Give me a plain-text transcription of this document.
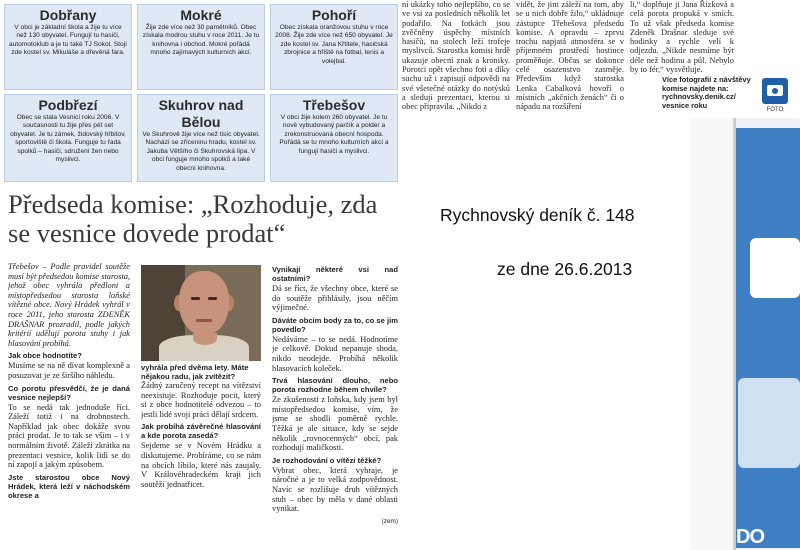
Dobřany
V obci je základní škola a žije tu více než 130 obyvatel. Fungují tu hasiči, automotoklub a je tu také TJ Sokol. Stojí zde kostel sv. Mikuláše a dřevěná fara.
Mokré
Žije zde více než 30 pamětníků. Obec získala modrou stuhu v roce 2011. Je tu knihovna i obchod. Mokré pořádá mnoho zajímavých kulturních akcí.
Pohoří
Obec získala oranžovou stuhu v roce 2008. Žije zde více než 650 obyvatel. Je zde kostel sv. Jana Křtitele, hasičská zbrojnice a hřiště na fotbal, tenis a volejbal.
Podbřezí
Obec se stala Vesnicí roku 2006. V současnosti tu žije přes pět set obyvatel. Je tu zámek, židovský hřbitov, sportoviště či škola. Funguje tu řada spolků – hasiči, sdružení žen nebo myslivci.
Skuhrov nad Bělou
Ve Skuhrově žije více než tisíc obyvatel. Nachází se zříceninu hradu, kostel sv. Jakuba Většího či Skuhrovská lípa. V obci funguje mnoho spolků a také obecní knihovna.
Třebešov
V obci žije kolem 260 obyvatel. Je tu nově vybudovaný parčík a polder a zrekonstruovaná obecní hospoda. Pořádá se tu mnoho kulturních akcí a fungují hasiči a myslivci.
ní ukázky toho nejlepšího, co se ve vsi za posledních několik let podařilo. Na fotkách jsou zvěčněny úspěchy místních hasičů, na stolech leží trofeje myslivců. Starostka komisi hrdě ukazuje obecní znak a kroniky. Porotci opět všechno foti a díky suchu už i zapisují odpovědi na své všetečné otázky do notýsků a sledují prezentaci, kterou si obec připravila. „Nikdo z
vidět, že jim záleží na tom, aby se u nich dobře žilo,“ ukládnuje zástupce Třebešova předsedu komise. A opravdu – zprvu trochu napjatá atmosféra se v příjemném prostředí hostince proměňuje. Občas se dokonce celé osazenstvo zasměje. Především když starostka Lenka Cabalková hovoří o místních „akčních ženách“ či o nápadu na rozšíření
li,“ doplňuje ji Jana Řízková a celá porota propuká v smích. To už však předseda komise Zdeněk Drašnar sleduje své hodinky a rychle velí k odjezdu. „Nikde nesmíme být déle než hodinu a půl. Nebylo by to fér,“ vysvětluje.
Více fotografií z návštěvy komise najdete na: rychnovsky.denik.cz/ vesnice roku
FOTO
DO
Předseda komise: „Rozhoduje, zda se vesnice dovede prodat“
Rychnovský deník č. 148
ze dne 26.6.2013

Třebešov – Podle pravidel soutěže musí být předsedou komise starosta, jehož obec vyhrála předloni a místopředsedou starosta loňské vítězné obce. Nový Hrádek vyhrál v roce 2011, jeho starosta ZDENĚK DRAŠNAR prozradil, podle jakých kritérií udělují porota stuhy i jak hlasování probíhá.

Jak obce hodnotíte?

Musíme se na ně dívat komplexně a posuzovat je ze širšího náhledu.

Co porotu přesvědčí, že je daná vesnice nejlepší?

To se nedá tak jednoduše říci. Záleží totiž i na drobnostech. Například jak obec dokáže svou práci prodat. Je to tak se vším – i v normálním životě. Záleží zkrátka na prezentaci vesnice, kolik lidí se do ní zapojí a jakým způsobem.

Jste starostou obce Nový Hrádek, která leží v náchodském okrese a

Žádný zaručený recept na vítězství neexistuje. Rozhoduje pocit, který si z obce hodnotitelé odvezou – to jestli lidé svoji práci dělají srdcem.

Jak probíhá závěrečné hlasování a kde porota zasedá?

Sejdeme se v Novém Hrádku a diskutujeme. Probíráme, co se nám na obcích líbilo, které nás zaujaly. V Královéhradeckém kraji jich soutěží jednatřicet.

Vynikají některé vsi nad ostatními?

Dá se říct, že všechny obce, které se do soutěže přihlásily, jsou něčím výjimečné.

Dáváte obcím body za to, co se jim povedlo?

Nedáváme – to se nedá. Hodnotíme je celkově. Dokud nepanuje shoda, nikdo neodejde. Probíhá několik hlasovacích koleček.

Trvá hlasování dlouho, nebo porota rozhodne během chvíle?

Ze zkušenosti z loňska, kdy jsem byl místopředsedou komise, vím, že jsme se shodli poměrně rychle. Těžká je ale situace, kdy se sejde několik „rovnocenných“ obcí, pak rozhodují maličkosti.

Je rozhodování o vítězi těžké?

Vybrat obec, která vyhraje, je náročné a je to velká zodpovědnost. Navíc se rozlišuje druh vítězných stuh – obec by měla v dané oblasti vynikat.

(zem)

vyhrála před dvěma lety. Máte nějakou radu, jak zvítězit?
